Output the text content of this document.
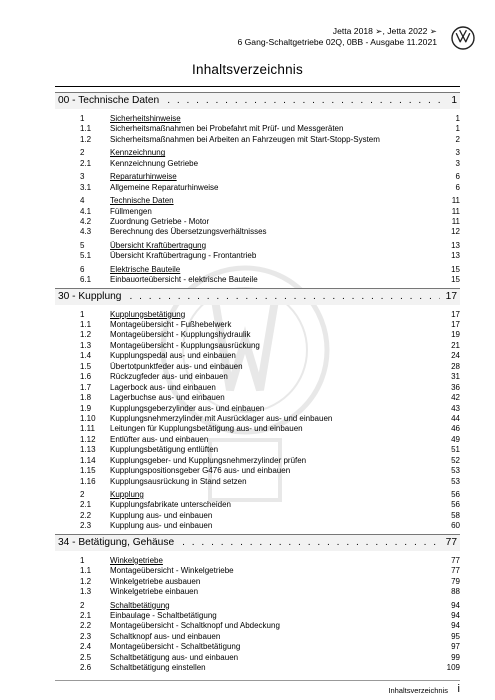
Jetta 2018 ➢, Jetta 2022 ➢
6 Gang-Schaltgetriebe 02Q, 0BB - Ausgabe 11.2021
Inhaltsverzeichnis
00 - Technische Daten . . .	1
1	Sicherheitshinweise	1
1.1	Sicherheitsmaßnahmen bei Probefahrt mit Prüf- und Messgeräten	1
1.2	Sicherheitsmaßnahmen bei Arbeiten an Fahrzeugen mit Start-Stopp-System	2
2	Kennzeichnung	3
2.1	Kennzeichnung Getriebe	3
3	Reparaturhinweise	6
3.1	Allgemeine Reparaturhinweise	6
4	Technische Daten	11
4.1	Füllmengen	11
4.2	Zuordnung Getriebe - Motor	11
4.3	Berechnung des Übersetzungsverhältnisses	12
5	Übersicht Kraftübertragung	13
5.1	Übersicht Kraftübertragung - Frontantrieb	13
6	Elektrische Bauteile	15
6.1	Einbauorteübersicht - elektrische Bauteile	15
30 - Kupplung . . .	17
1	Kupplungsbetätigung	17
1.1	Montageübersicht - Fußhebelwerk	17
1.2	Montageübersicht - Kupplungshydraulik	19
1.3	Montageübersicht - Kupplungsausrückung	21
1.4	Kupplungspedal aus- und einbauen	24
1.5	Übertotpunktfeder aus- und einbauen	28
1.6	Rückzugfeder aus- und einbauen	31
1.7	Lagerbock aus- und einbauen	36
1.8	Lagerbuchse aus- und einbauen	42
1.9	Kupplungsgeberzylinder aus- und einbauen	43
1.10	Kupplungsnehmerzylinder mit Ausrücklager aus- und einbauen	44
1.11	Leitungen für Kupplungsbetätigung aus- und einbauen	46
1.12	Entlüfter aus- und einbauen	49
1.13	Kupplungsbetätigung entlüften	51
1.14	Kupplungsgeber- und Kupplungsnehmerzylinder prüfen	52
1.15	Kupplungspositionsgeber G476 aus- und einbauen	53
1.16	Kupplungsausrückung in Stand setzen	53
2	Kupplung	56
2.1	Kupplungsfabrikate unterscheiden	56
2.2	Kupplung aus- und einbauen	58
2.3	Kupplung aus- und einbauen	60
34 - Betätigung, Gehäuse . . .	77
1	Winkelgetriebe	77
1.1	Montageübersicht - Winkelgetriebe	77
1.2	Winkelgetriebe ausbauen	79
1.3	Winkelgetriebe einbauen	88
2	Schaltbetätigung	94
2.1	Einbaulage - Schaltbetätigung	94
2.2	Montageübersicht - Schaltknopf und Abdeckung	94
2.3	Schaltknopf aus- und einbauen	95
2.4	Montageübersicht - Schaltbetätigung	97
2.5	Schaltbetätigung aus- und einbauen	99
2.6	Schaltbetätigung einstellen	109
Inhaltsverzeichnis i
